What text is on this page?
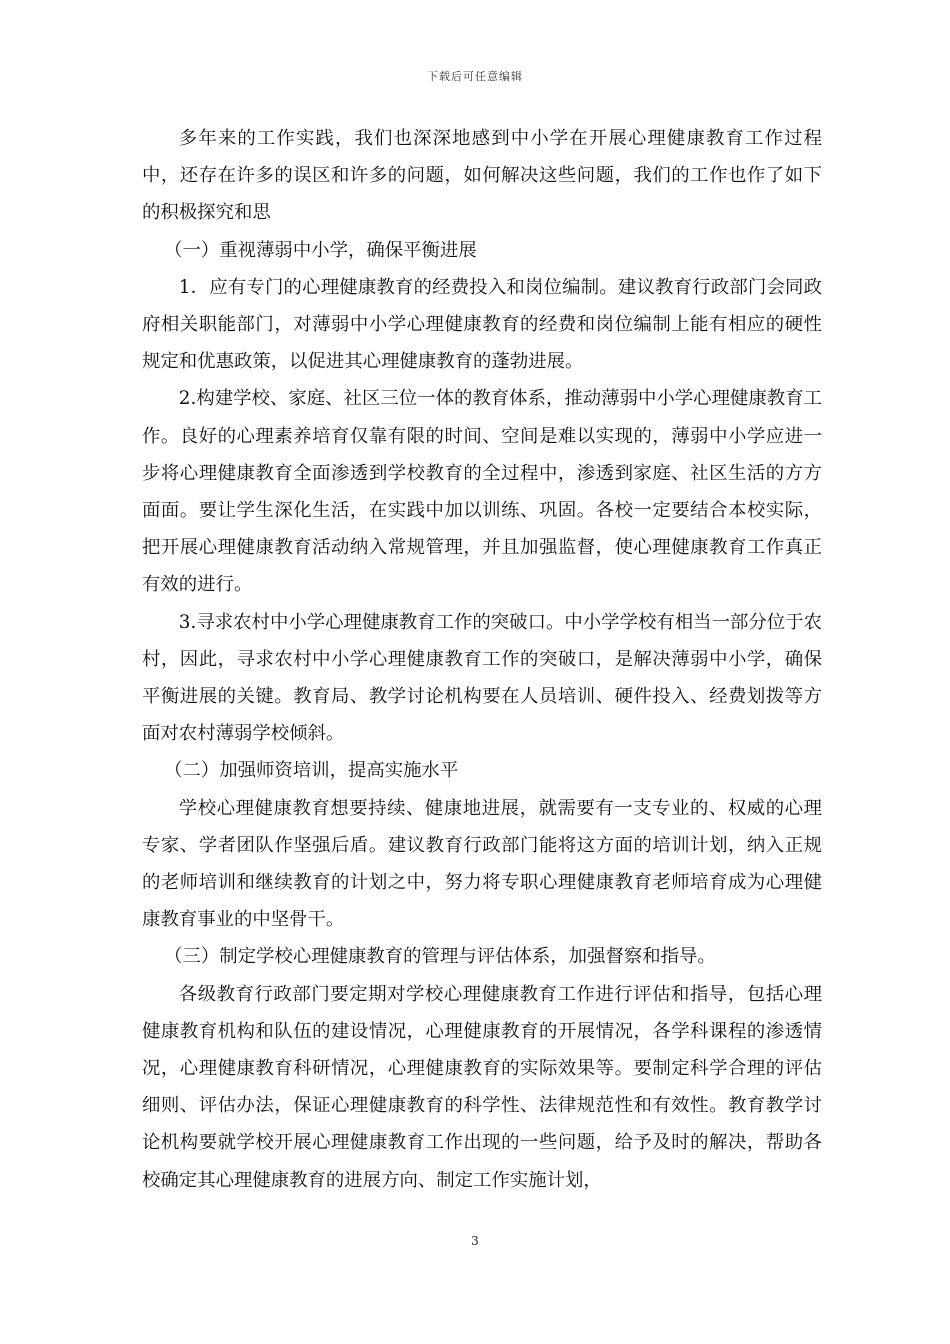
下载后可任意编辑

多年来的工作实践，我们也深深地感到中小学在开展心理健康教育工作过程中，还存在许多的误区和许多的问题，如何解决这些问题，我们的工作也作了如下的积极探究和思

（一）重视薄弱中小学，确保平衡进展

1．应有专门的心理健康教育的经费投入和岗位编制。建议教育行政部门会同政府相关职能部门，对薄弱中小学心理健康教育的经费和岗位编制上能有相应的硬性规定和优惠政策，以促进其心理健康教育的蓬勃进展。

2.构建学校、家庭、社区三位一体的教育体系，推动薄弱中小学心理健康教育工作。良好的心理素养培育仅靠有限的时间、空间是难以实现的，薄弱中小学应进一步将心理健康教育全面渗透到学校教育的全过程中，渗透到家庭、社区生活的方方面面。要让学生深化生活，在实践中加以训练、巩固。各校一定要结合本校实际，把开展心理健康教育活动纳入常规管理，并且加强监督，使心理健康教育工作真正有效的进行。

3.寻求农村中小学心理健康教育工作的突破口。中小学学校有相当一部分位于农村，因此，寻求农村中小学心理健康教育工作的突破口，是解决薄弱中小学，确保平衡进展的关键。教育局、教学讨论机构要在人员培训、硬件投入、经费划拨等方面对农村薄弱学校倾斜。

（二）加强师资培训，提高实施水平

学校心理健康教育想要持续、健康地进展，就需要有一支专业的、权威的心理专家、学者团队作坚强后盾。建议教育行政部门能将这方面的培训计划，纳入正规的老师培训和继续教育的计划之中，努力将专职心理健康教育老师培育成为心理健康教育事业的中坚骨干。

（三）制定学校心理健康教育的管理与评估体系，加强督察和指导。

各级教育行政部门要定期对学校心理健康教育工作进行评估和指导，包括心理健康教育机构和队伍的建设情况，心理健康教育的开展情况，各学科课程的渗透情况，心理健康教育科研情况，心理健康教育的实际效果等。要制定科学合理的评估细则、评估办法，保证心理健康教育的科学性、法律规范性和有效性。教育教学讨论机构要就学校开展心理健康教育工作出现的一些问题，给予及时的解决，帮助各校确定其心理健康教育的进展方向、制定工作实施计划，

3
